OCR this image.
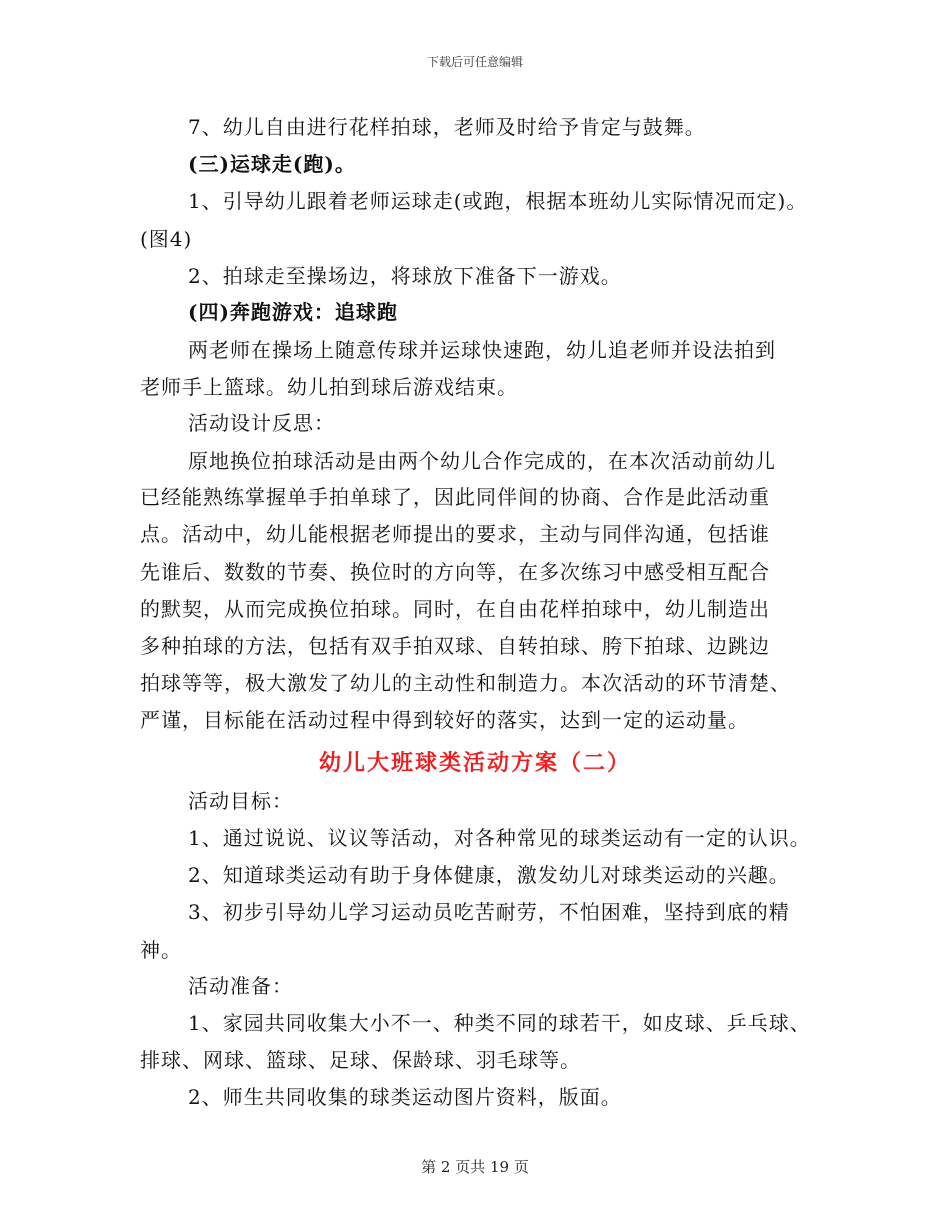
下载后可任意编辑
7、幼儿自由进行花样拍球，老师及时给予肯定与鼓舞。
(三)运球走(跑)。
1、引导幼儿跟着老师运球走(或跑，根据本班幼儿实际情况而定)。
(图4)
2、拍球走至操场边，将球放下准备下一游戏。
(四)奔跑游戏：追球跑
两老师在操场上随意传球并运球快速跑，幼儿追老师并设法拍到
老师手上篮球。幼儿拍到球后游戏结束。
活动设计反思：
原地换位拍球活动是由两个幼儿合作完成的，在本次活动前幼儿
已经能熟练掌握单手拍单球了，因此同伴间的协商、合作是此活动重
点。活动中，幼儿能根据老师提出的要求，主动与同伴沟通，包括谁
先谁后、数数的节奏、换位时的方向等，在多次练习中感受相互配合
的默契，从而完成换位拍球。同时，在自由花样拍球中，幼儿制造出
多种拍球的方法，包括有双手拍双球、自转拍球、胯下拍球、边跳边
拍球等等，极大激发了幼儿的主动性和制造力。本次活动的环节清楚、
严谨，目标能在活动过程中得到较好的落实，达到一定的运动量。
幼儿大班球类活动方案（二）
活动目标：
1、通过说说、议议等活动，对各种常见的球类运动有一定的认识。
2、知道球类运动有助于身体健康，激发幼儿对球类运动的兴趣。
3、初步引导幼儿学习运动员吃苦耐劳，不怕困难，坚持到底的精
神。
活动准备：
1、家园共同收集大小不一、种类不同的球若干，如皮球、乒乓球、
排球、网球、篮球、足球、保龄球、羽毛球等。
2、师生共同收集的球类运动图片资料，版面。
第 2 页共 19 页
